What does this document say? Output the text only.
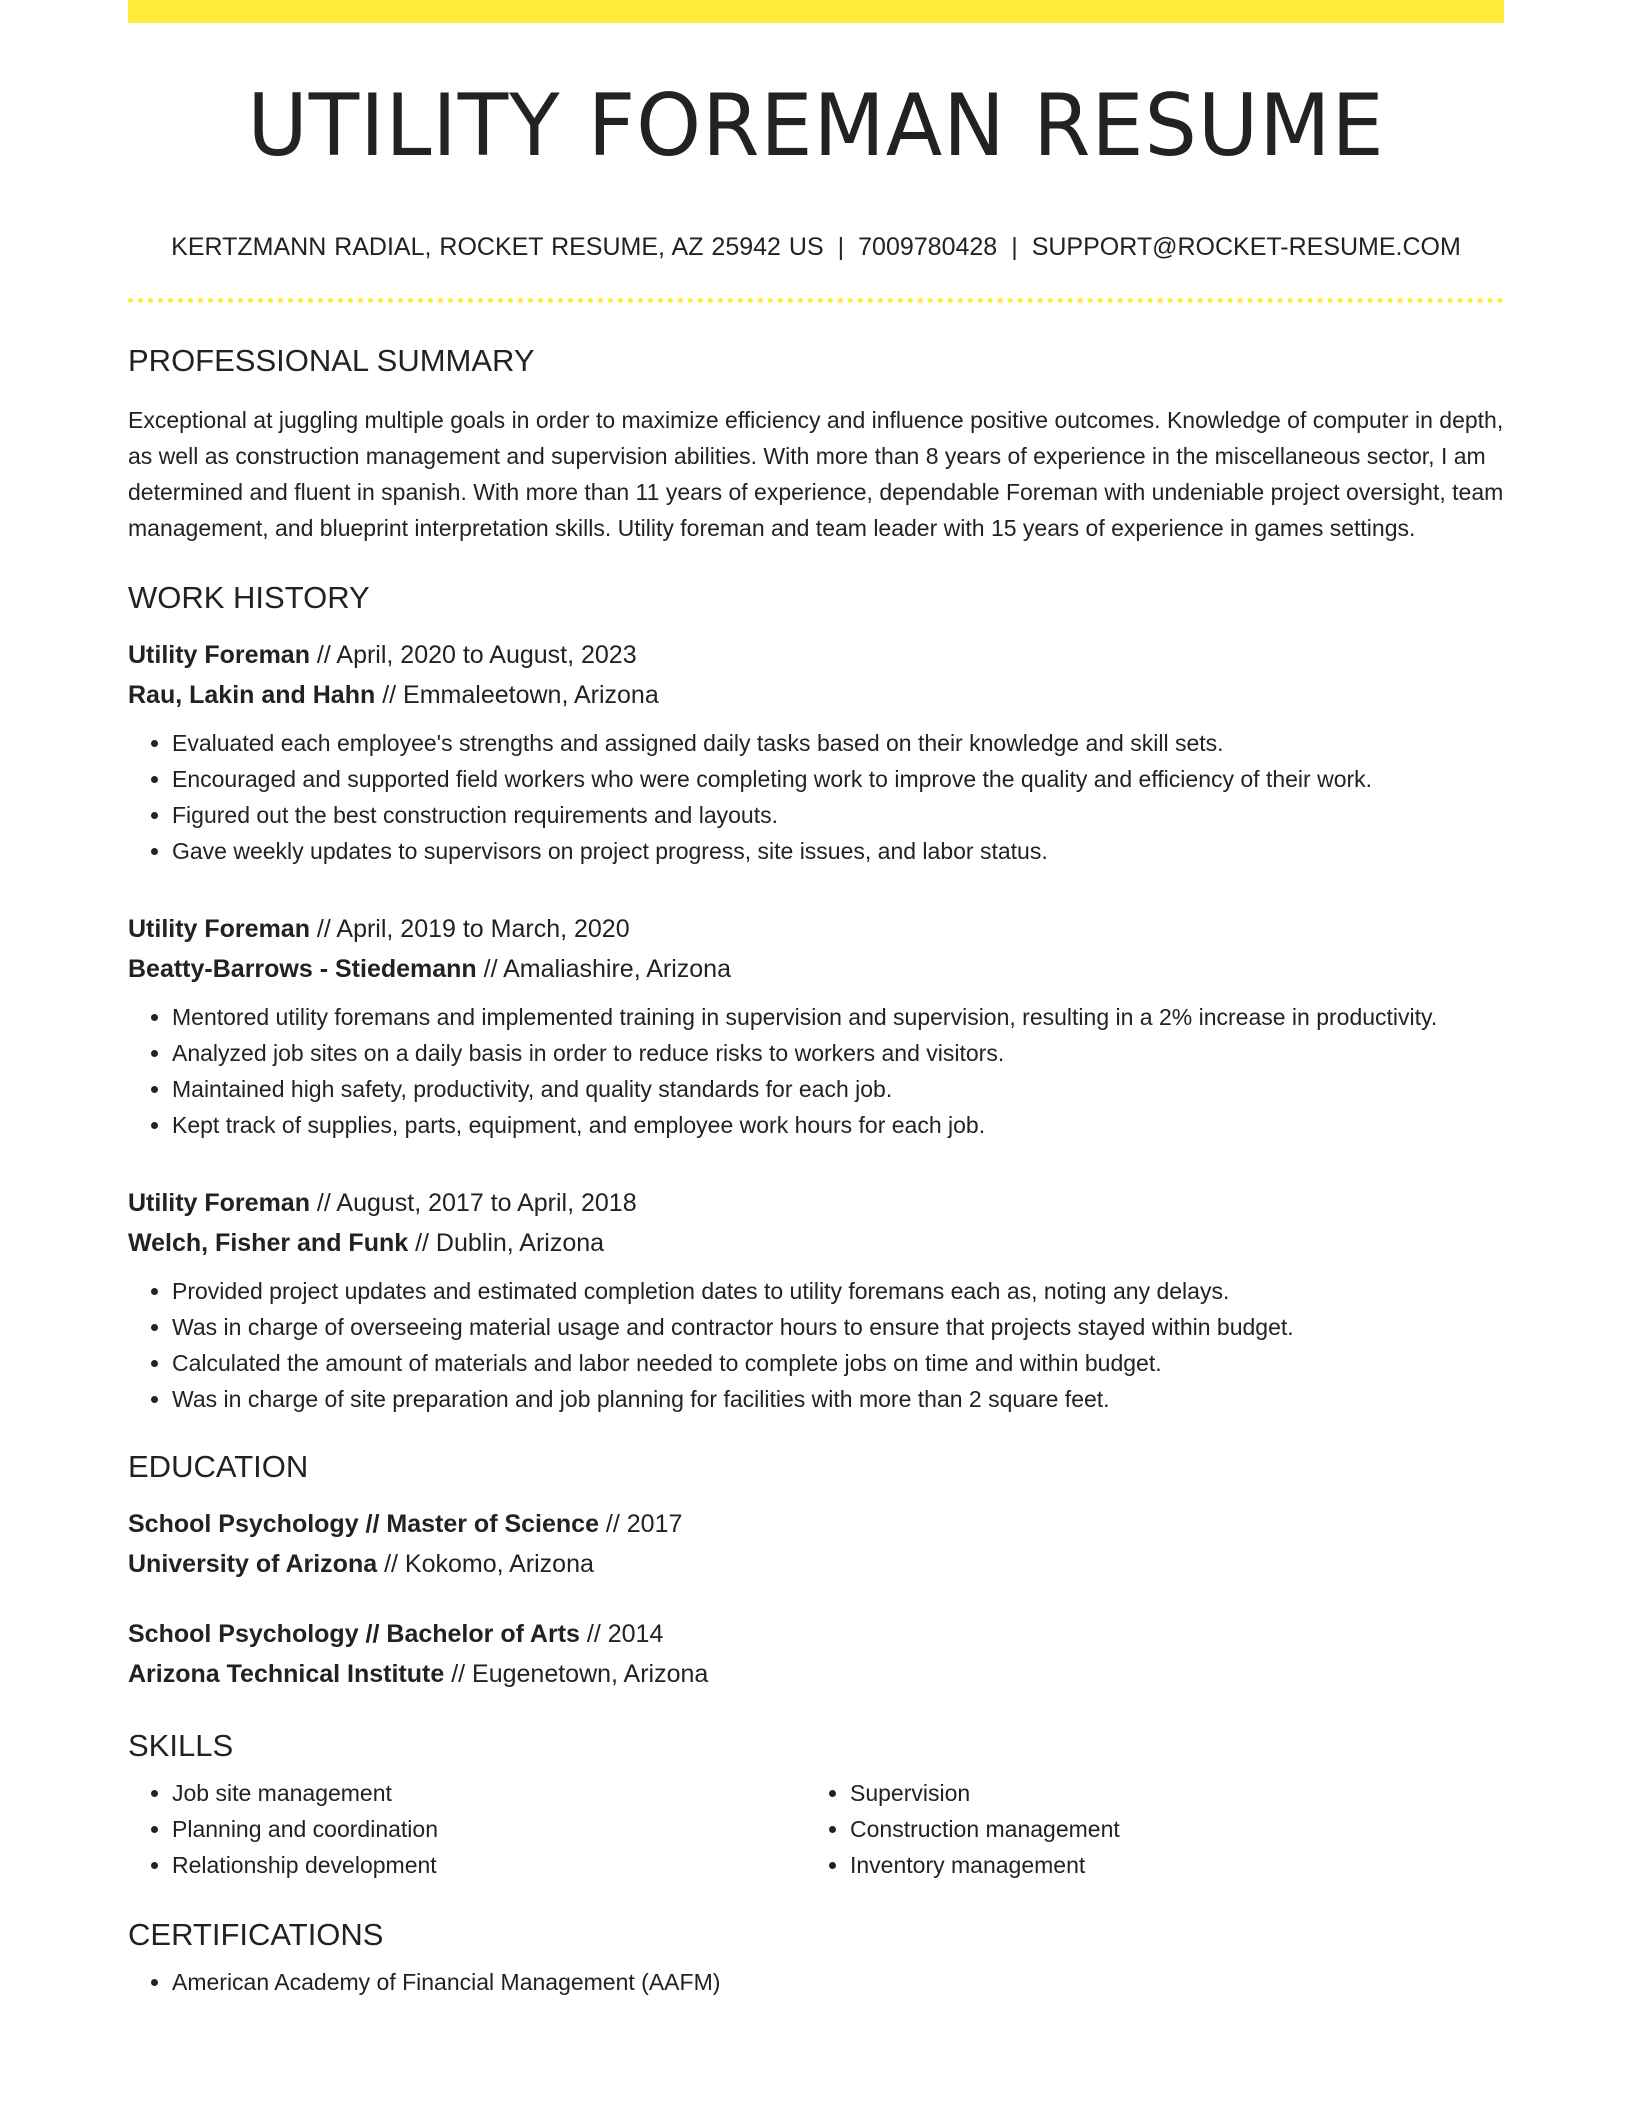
UTILITY FOREMAN RESUME
KERTZMANN RADIAL, ROCKET RESUME, AZ 25942 US | 7009780428 | SUPPORT@ROCKET-RESUME.COM
PROFESSIONAL SUMMARY
Exceptional at juggling multiple goals in order to maximize efficiency and influence positive outcomes. Knowledge of computer in depth, as well as construction management and supervision abilities. With more than 8 years of experience in the miscellaneous sector, I am determined and fluent in spanish. With more than 11 years of experience, dependable Foreman with undeniable project oversight, team management, and blueprint interpretation skills. Utility foreman and team leader with 15 years of experience in games settings.
WORK HISTORY
Utility Foreman // April, 2020 to August, 2023
Rau, Lakin and Hahn // Emmaleetown, Arizona
• Evaluated each employee's strengths and assigned daily tasks based on their knowledge and skill sets.
• Encouraged and supported field workers who were completing work to improve the quality and efficiency of their work.
• Figured out the best construction requirements and layouts.
• Gave weekly updates to supervisors on project progress, site issues, and labor status.
Utility Foreman // April, 2019 to March, 2020
Beatty-Barrows - Stiedemann // Amaliashire, Arizona
• Mentored utility foremans and implemented training in supervision and supervision, resulting in a 2% increase in productivity.
• Analyzed job sites on a daily basis in order to reduce risks to workers and visitors.
• Maintained high safety, productivity, and quality standards for each job.
• Kept track of supplies, parts, equipment, and employee work hours for each job.
Utility Foreman // August, 2017 to April, 2018
Welch, Fisher and Funk // Dublin, Arizona
• Provided project updates and estimated completion dates to utility foremans each as, noting any delays.
• Was in charge of overseeing material usage and contractor hours to ensure that projects stayed within budget.
• Calculated the amount of materials and labor needed to complete jobs on time and within budget.
• Was in charge of site preparation and job planning for facilities with more than 2 square feet.
EDUCATION
School Psychology // Master of Science // 2017
University of Arizona // Kokomo, Arizona
School Psychology // Bachelor of Arts // 2014
Arizona Technical Institute // Eugenetown, Arizona
SKILLS
• Job site management
• Planning and coordination
• Relationship development
• Supervision
• Construction management
• Inventory management
CERTIFICATIONS
• American Academy of Financial Management (AAFM)
